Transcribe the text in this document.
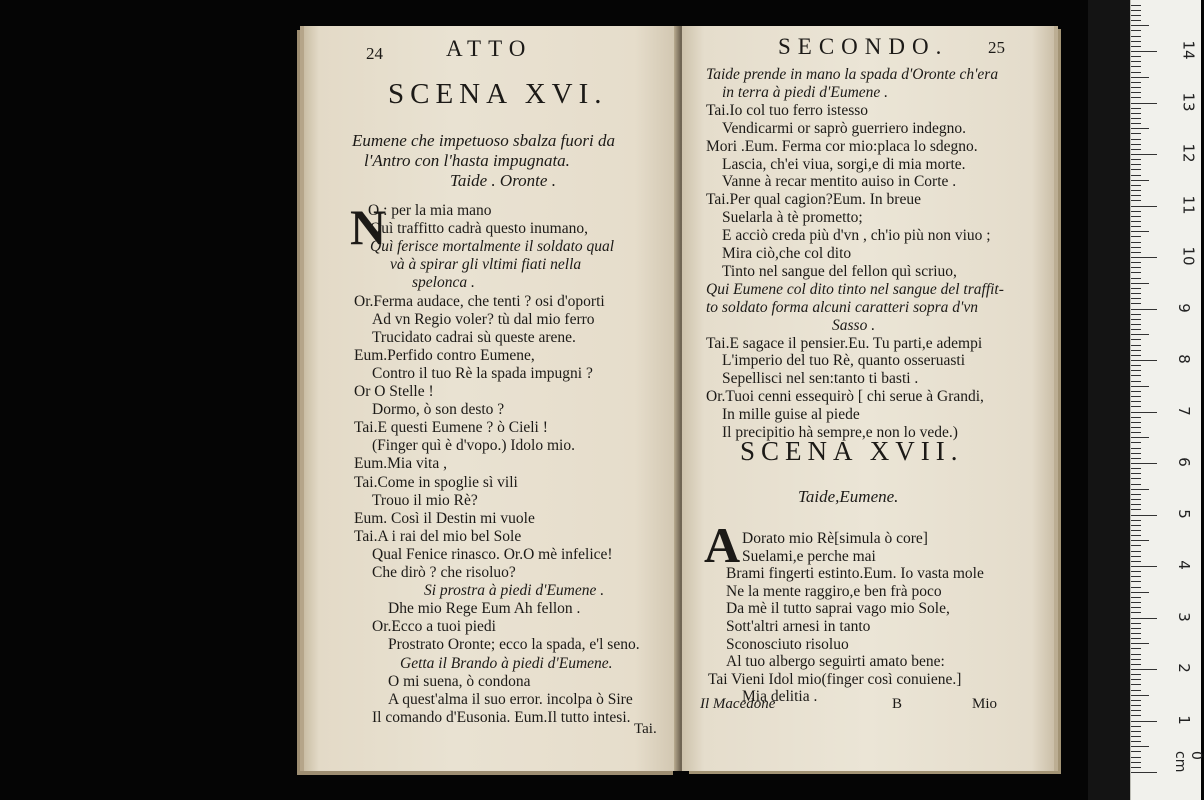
24	ATTO
SCENA XVI.
Eumene che impetuoso sbalza fuori da
l'Antro con l'hasta impugnata.
Taide . Oronte .
N
O : per la mia mano
Quì traffitto cadrà questo inumano,
Quì ferisce mortalmente il soldato qual
và à spirar gli vltimi fiati nella
spelonca .
Or.Ferma audace, che tenti ? osi d'oporti
Ad vn Regio voler? tù dal mio ferro
Trucidato cadrai sù queste arene.
Eum.Perfido contro Eumene,
Contro il tuo Rè la spada impugni ?
Or O Stelle !
Dormo, ò son desto ?
Tai.E questi Eumene ? ò Cieli !
(Finger quì è d'vopo.) Idolo mio.
Eum.Mia vita ,
Tai.Come in spoglie sì vili
Trouo il mio Rè?
Eum. Così il Destin mi vuole
Tai.A i rai del mio bel Sole
Qual Fenice rinasco. Or.O mè infelice!
Che dirò ? che risoluo?
Si prostra à piedi d'Eumene .
Dhe mio Rege Eum Ah fellon .
Or.Ecco a tuoi piedi
Prostrato Oronte; ecco la spada, e'l seno.
Getta il Brando à piedi d'Eumene.
O mi suena, ò condona
A quest'alma il suo error. incolpa ò Sire
Il comando d'Eusonia. Eum.Il tutto intesi.
Tai.
SECONDO. 25
Taide prende in mano la spada d'Oronte ch'era
in terra à piedi d'Eumene .
Tai.Io col tuo ferro istesso
Vendicarmi or saprò guerriero indegno.
Mori .Eum. Ferma cor mio:placa lo sdegno.
Lascia, ch'ei viua, sorgi,e di mia morte.
Vanne à recar mentito auiso in Corte .
Tai.Per qual cagion?Eum. In breue
Suelarla à tè prometto;
E acciò creda più d'vn , ch'io più non viuo ;
Mira ciò,che col dito
Tinto nel sangue del fellon quì scriuo,
Qui Eumene col dito tinto nel sangue del traffit-
to soldato forma alcuni caratteri sopra d'vn
Sasso .
Tai.E sagace il pensier.Eu. Tu parti,e adempi
L'imperio del tuo Rè, quanto osseruasti
Sepellisci nel sen:tanto ti basti .
Or.Tuoi cenni essequirò [ chi serue à Grandi,
In mille guise al piede
Il precipitio hà sempre,e non lo vede.)
SCENA XVII.
Taide,Eumene.
A Dorato mio Rè[simula ò core]
Suelami,e perche mai
Brami fingerti estinto.Eum. Io vasta mole
Ne la mente raggiro,e ben frà poco
Da mè il tutto saprai vago mio Sole,
Sott'altri arnesi in tanto
Sconosciuto risoluo
Al tuo albergo seguirti amato bene:
Tai Vieni Idol mio(finger così conuiene.]
Mia delitia .
Il Macedone	B	Mio
14
13
12
11
10
9
8
7
6
5
4
3
2
1
0 cm
